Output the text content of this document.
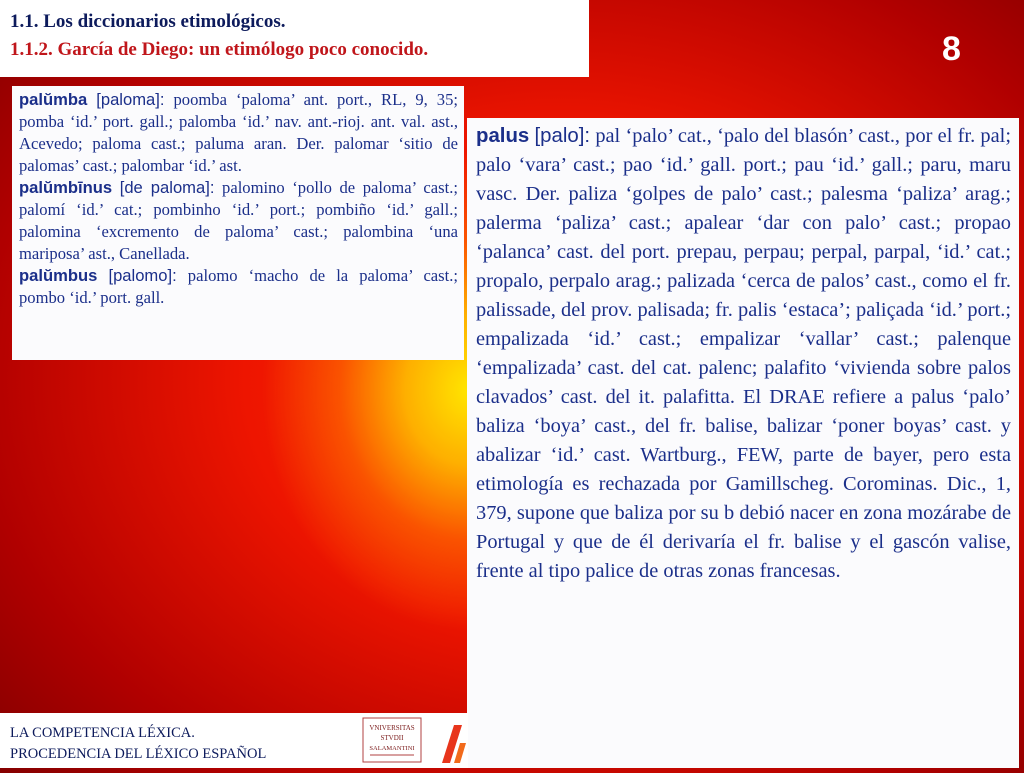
1.1. Los diccionarios etimológicos.
1.1.2. García de Diego: un etimólogo poco conocido.	8

palŭmba [paloma]: poomba ‘paloma’ ant. port., RL, 9, 35; pomba ‘id.’ port. gall.; palomba ‘id.’ nav. ant.-rioj. ant. val. ast., Acevedo; paloma cast.; paluma aran. Der. palomar ‘sitio de palomas’ cast.; palombar ‘id.’ ast.

palŭmbīnus [de paloma]: palomino ‘pollo de paloma’ cast.; palomí ‘id.’ cat.; pombinho ‘id.’ port.; pombiño ‘id.’ gall.; palomina ‘excremento de paloma’ cast.; palombina ‘una mariposa’ ast., Canellada.

palŭmbus [palomo]: palomo ‘macho de la paloma’ cast.; pombo ‘id.’ port. gall.

palus [palo]: pal ‘palo’ cat., ‘palo del blasón’ cast., por el fr. pal; palo ‘vara’ cast.; pao ‘id.’ gall. port.; pau ‘id.’ gall.; paru, maru vasc. Der. paliza ‘golpes de palo’ cast.; palesma ‘paliza’ arag.; palerma ‘paliza’ cast.; apalear ‘dar con palo’ cast.; propao ‘palanca’ cast. del port. prepau, perpau; perpal, parpal, ‘id.’ cat.; propalo, perpalo arag.; palizada ‘cerca de palos’ cast., como el fr. palissade, del prov. palisada; fr. palis ‘estaca’; paliçada ‘id.’ port.; empalizada ‘id.’ cast.; empalizar ‘vallar’ cast.; palenque ‘empalizada’ cast. del cat. palenc; palafito ‘vivienda sobre palos clavados’ cast. del it. palafitta. El DRAE refiere a palus ‘palo’ baliza ‘boya’ cast., del fr. balise, balizar ‘poner boyas’ cast. y abalizar ‘id.’ cast. Wartburg., FEW, parte de bayer, pero esta etimología es rechazada por Gamillscheg. Corominas. Dic., 1, 379, supone que baliza por su b debió nacer en zona mozárabe de Portugal y que de él derivaría el fr. balise y el gascón valise, frente al tipo palice de otras zonas francesas.

LA COMPETENCIA LÉXICA.
PROCEDENCIA DEL LÉXICO ESPAÑOL
VNIVERSITAS
STVDII
SALAMANTINI
